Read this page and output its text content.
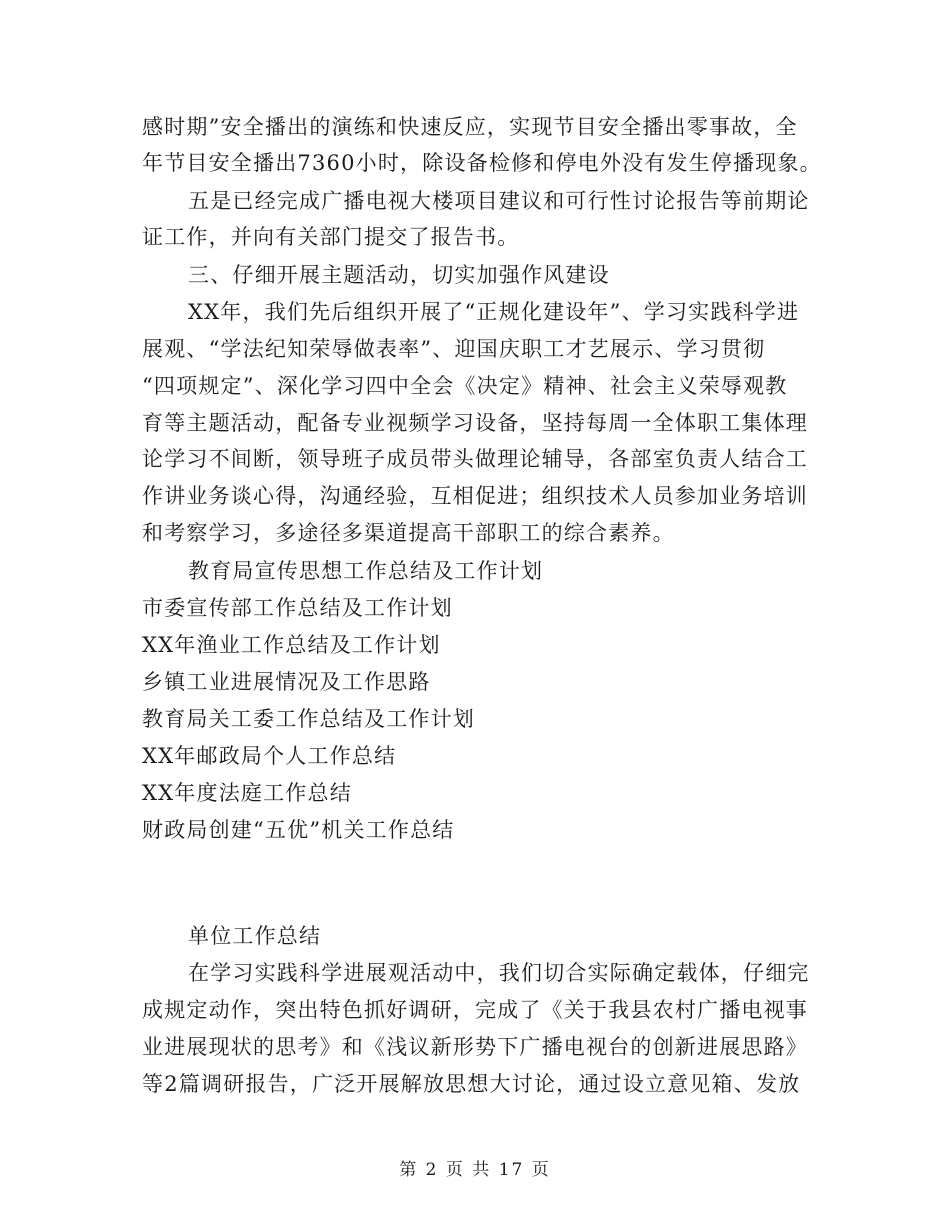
感时期”安全播出的演练和快速反应，实现节目安全播出零事故，全
年节目安全播出7360小时，除设备检修和停电外没有发生停播现象。
五是已经完成广播电视大楼项目建议和可行性讨论报告等前期论
证工作，并向有关部门提交了报告书。
三、仔细开展主题活动，切实加强作风建设
XX年，我们先后组织开展了“正规化建设年”、学习实践科学进
展观、“学法纪知荣辱做表率”、迎国庆职工才艺展示、学习贯彻
“四项规定”、深化学习四中全会《决定》精神、社会主义荣辱观教
育等主题活动，配备专业视频学习设备，坚持每周一全体职工集体理
论学习不间断，领导班子成员带头做理论辅导，各部室负责人结合工
作讲业务谈心得，沟通经验，互相促进；组织技术人员参加业务培训
和考察学习，多途径多渠道提高干部职工的综合素养。
教育局宣传思想工作总结及工作计划
市委宣传部工作总结及工作计划
XX年渔业工作总结及工作计划
乡镇工业进展情况及工作思路
教育局关工委工作总结及工作计划
XX年邮政局个人工作总结
XX年度法庭工作总结
财政局创建“五优”机关工作总结
单位工作总结
在学习实践科学进展观活动中，我们切合实际确定载体，仔细完
成规定动作，突出特色抓好调研，完成了《关于我县农村广播电视事
业进展现状的思考》和《浅议新形势下广播电视台的创新进展思路》
等2篇调研报告，广泛开展解放思想大讨论，通过设立意见箱、发放
第 2 页 共 17 页
